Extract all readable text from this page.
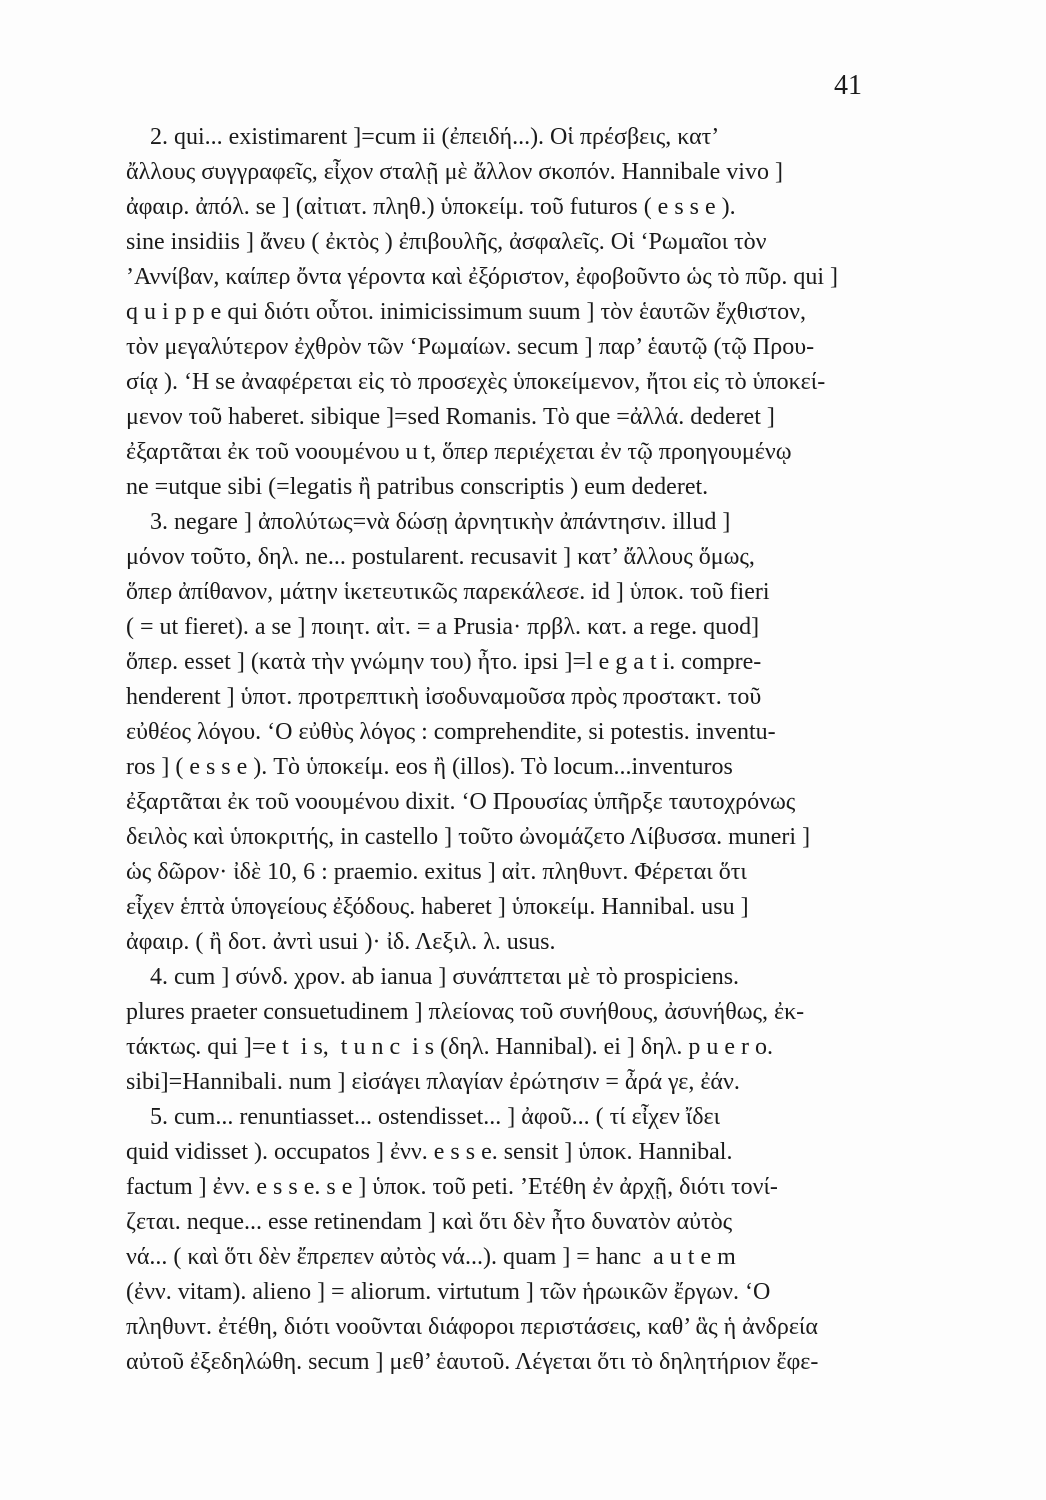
41
2. qui... existimarent ]=cum ii (ἐπειδή...). Οἱ πρέσβεις, κατ’
ἄλλους συγγραφεῖς, εἶχον σταλῇ μὲ ἄλλον σκοπόν. Hannibale vivo ]
ἀφαιρ. ἀπόλ. se ] (αἰτιατ. πληθ.) ὑποκείμ. τοῦ futuros ( e s s e ).
sine insidiis ] ἄνευ ( ἐκτὸς ) ἐπιβουλῆς, ἀσφαλεῖς. Οἱ ‘Ρωμαῖοι τὸν
’Αννίβαν, καίπερ ὄντα γέροντα καὶ ἐξόριστον, ἐφοβοῦντο ὡς τὸ πῦρ. qui ]
q u i p p e qui διότι οὗτοι. inimicissimum suum ] τὸν ἑαυτῶν ἔχθιστον,
τὸν μεγαλύτερον ἐχθρὸν τῶν ‘Ρωμαίων. secum ] παρ’ ἑαυτῷ (τῷ Πρου-
σίᾳ ). ‘Η se ἀναφέρεται εἰς τὸ προσεχὲς ὑποκείμενον, ἤτοι εἰς τὸ ὑποκεί-
μενον τοῦ haberet. sibique ]=sed Romanis. Τὸ que =ἀλλά. dederet ]
ἐξαρτᾶται ἐκ τοῦ νοουμένου u t, ὅπερ περιέχεται ἐν τῷ προηγουμένῳ
ne =utque sibi (=legatis ἢ patribus conscriptis ) eum dederet.
3. negare ] ἀπολύτως=νὰ δώσῃ ἀρνητικὴν ἀπάντησιν. illud ]
μόνον τοῦτο, δηλ. ne... postularent. recusavit ] κατ’ ἄλλους ὅμως,
ὅπερ ἀπίθανον, μάτην ἱκετευτικῶς παρεκάλεσε. id ] ὑποκ. τοῦ fieri
( = ut fieret). a se ] ποιητ. αἰτ. = a Prusia· πρβλ. κατ. a rege. quod]
ὅπερ. esset ] (κατὰ τὴν γνώμην του) ἦτο. ipsi ]=l e g a t i. compre-
henderent ] ὑποτ. προτρεπτικὴ ἰσοδυναμοῦσα πρὸς προστακτ. τοῦ
εὐθέος λόγου. ‘Ο εὐθὺς λόγος : comprehendite, si potestis. inventu-
ros ] ( e s s e ). Τὸ ὑποκείμ. eos ἢ (illos). Τὸ locum...inventuros
ἐξαρτᾶται ἐκ τοῦ νοουμένου dixit. ‘Ο Προυσίας ὑπῆρξε ταυτοχρόνως
δειλὸς καὶ ὑποκριτής, in castello ] τοῦτο ὠνομάζετο Λίβυσσα. muneri ]
ὡς δῶρον· ἰδὲ 10, 6 : praemio. exitus ] αἰτ. πληθυντ. Φέρεται ὅτι
εἶχεν ἑπτὰ ὑπογείους ἐξόδους. haberet ] ὑποκείμ. Hannibal. usu ]
ἀφαιρ. ( ἢ δοτ. ἀντὶ usui )· ἰδ. Λεξιλ. λ. usus.
4. cum ] σύνδ. χρον. ab ianua ] συνάπτεται μὲ τὸ prospiciens.
plures praeter consuetudinem ] πλείονας τοῦ συνήθους, ἀσυνήθως, ἐκ-
τάκτως. qui ]=e t  i s,  t u n c  i s (δηλ. Hannibal). ei ] δηλ. p u e r o.
sibi]=Hannibali. num ] εἰσάγει πλαγίαν ἐρώτησιν = ἆρά γε, ἐάν.
5. cum... renuntiasset... ostendisset... ] ἀφοῦ... ( τί εἶχεν ἴδει
quid vidisset ). occupatos ] ἐνν. e s s e. sensit ] ὑποκ. Hannibal.
factum ] ἐνν. e s s e. s e ] ὑποκ. τοῦ peti. ’Ετέθη ἐν ἀρχῇ, διότι τονί-
ζεται. neque... esse retinendam ] καὶ ὅτι δὲν ἦτο δυνατὸν αὐτὸς
νά... ( καὶ ὅτι δὲν ἔπρεπεν αὐτὸς νά...). quam ] = hanc  a u t e m
(ἐνν. vitam). alieno ] = aliorum. virtutum ] τῶν ἡρωικῶν ἔργων. ‘Ο
πληθυντ. ἐτέθη, διότι νοοῦνται διάφοροι περιστάσεις, καθ’ ἃς ἡ ἀνδρεία
αὐτοῦ ἐξεδηλώθη. secum ] μεθ’ ἑαυτοῦ. Λέγεται ὅτι τὸ δηλητήριον ἔφε-
